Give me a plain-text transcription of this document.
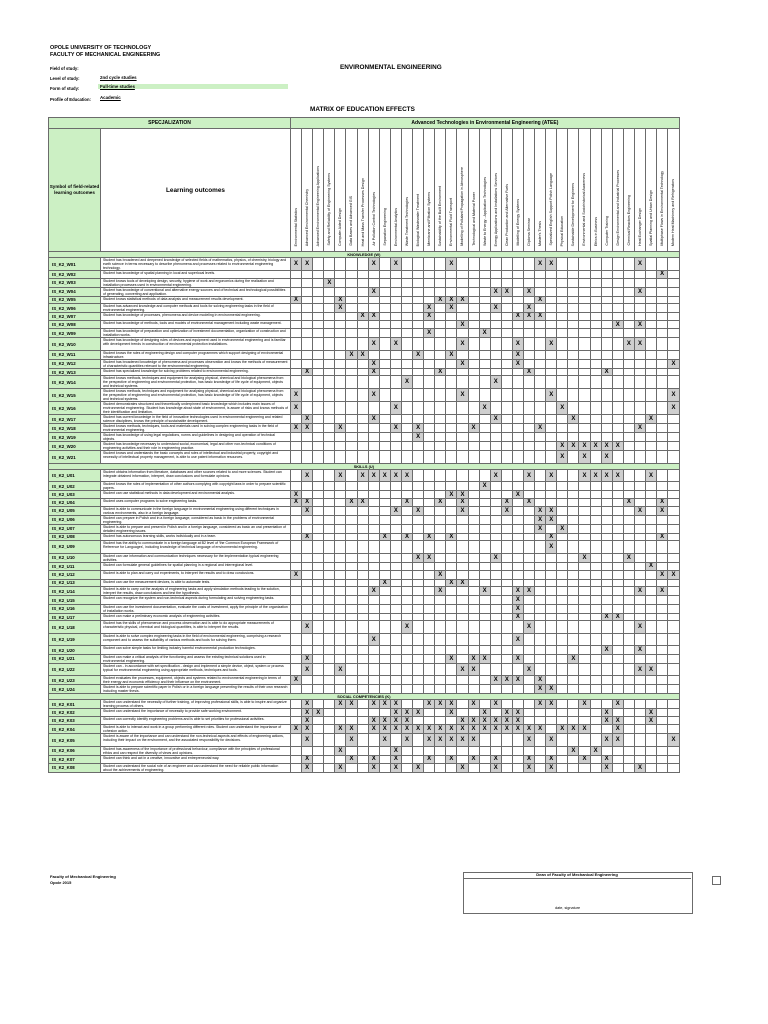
OPOLE UNIVERSITY OF TECHNOLOGY
FACULTY OF MECHANICAL ENGINEERING
Field of study:	ENVIRONMENTAL ENGINEERING
Level of study:	2nd cycle studies
Form of study:	Full-time studies
Profile of Education:	Academic
MATRIX OF EDUCATION EFFECTS
SPECJALIZATION		Advanced Technologies in Environmental Engineering (ATEE)																																		
Symbol of field-related learning outcomes	Learning outcomes	Environmental Statistics	Advanced Environmental Chemistry	Advanced Environmental Engineering Applications	Safety and Reliability of Engineering Systems	Computer Aided Design	Data Bases and Advanced GIS	Heat and Mass Transfer Processes Design	Air Pollution Control Technologies	Separation Engineering	Environmental Analytics	Waste Treatment Technologies	Biological Wastewater Treatment	Membrane and Filtration Systems	Sustainability of the Built Environment	Environmental Fluid Transport	Modelling of Pollutant Propagation in Atmosphere	Technological and Material Power	Waste to Energy - Application Technologies	Energy Applications and Installations Services	Clean Production and Alternative Fuels	Modelling of Energy Systems	Diploma Seminar	Master's Thesis	Specialized English Support Polish Language	Physical Education	Sustainable Development for Engineers	Environmental and Sociohistorical Awareness	Ethics in Business	Computer Training	Design Environmental and Industrial Processes	Chemical Reactors Engineering	Heat Exchanger Design	Spatial Planning and Urban Design	Multiphase Flows in Environmental Technology	Modern Heat Machinery and Refrigerators
KNOWLEDGE (W)																																				
IS_K2_W01	Student has broadened and deepened knowledge of selected fields of mathematics, physics, of chemistry, biology and earth science in terms necessary to describe phenomena and processes related to environmental engineering technology.	X	X						X		X					X								X	X								X			
IS_K2_W02	Student has knowledge of spatial planning in local and superlocal levels.																																		X	
IS_K2_W03	Student knows tools of developing design, security, hygiene of work and ergonomics during the realization and installation processes used in environmental engineering.				X																															
IS_K2_W04	Student has knowledge of conventional and alternative energy sources and of technical and technological possibilities of generating, converting and application.								X											X	X		X										X			
IS_K2_W05	Student knows statistical methods of data analysis and measurement results development.	X				X									X	X	X							X												
IS_K2_W06	Student has advanced knowledge and computer methods and tools for solving engineering tasks in the field of environmental engineering.					X								X		X				X			X													
IS_K2_W07	Student has knowledge of processes, phenomena and device modeling in environmental engineering.							X	X					X								X	X	X												
IS_K2_W08	Student has knowledge of methods, tools and models of environmental management including waste management.																X														X		X			
IS_K2_W09	Student has knowledge of preparation and optimization of investment documentation, organization of construction and installation works.													X					X																	
IS_K2_W10	Student has knowledge of designing rules of devices and equipment used in environmental engineering and is familiar with development trends in construction of environmental protection installations.								X		X						X					X			X							X	X			
IS_K2_W11	Student knows the rules of engineering design and computer programmes which support designing of environmental infrastructure.						X	X					X			X						X														
IS_K2_W12	Student has broadened knowledge of phenomena and processes observation and knows the methods of measurement of characteristic quantities relevant to the environmental engineering.								X								X					X														X
IS_K2_W13	Student has specialized knowledge for solving problems related to environmental engineering.		X						X						X								X							X						
IS_K2_W14	Student knows methods, techniques and equipment for analysing physical, chemical and biological phenomena from the perspective of engineering and environmental protection, has basic knowledge of life cycle of equipment, objects and technical systems.											X								X																
IS_K2_W15	Student knows methods, techniques and equipment for analysing physical, chemical and biological phenomena from the perspective of engineering and environmental protection, has basic knowledge of life cycle of equipment, objects and technical systems.	X							X								X								X											X
IS_K2_W16	Student demonstrates structured and theoretically underpinned basic knowledge which includes main issues of environmental engineering. Student has knowledge about state of environment, is aware of risks and knows methods of their identification and limitation.	X									X								X							X										X
IS_K2_W17	Student has current knowledge in the field of innovative technologies used in environmental engineering and related science disciplines, knows the principle of sustainable development.		X						X											X							X							X		
IS_K2_W18	Student knows methods, techniques, tools and materials used in solving complex engineering tasks in the field of environmental engineering.	X	X			X					X		X					X						X									X			
IS_K2_W19	Student has knowledge of using legal regulations, norms and guidelines in designing and operation of technical objects.												X																							
IS_K2_W20	Student has knowledge necessary to understand social, economical, legal and other non-technical conditions of engineering activities and their role in engineering practice.																									X	X	X	X	X	X					
IS_K2_W21	Student knows and understands the basic concepts and rules of intellectual and industrial property, copyright and necessity of intellectual property management, is able to use patent information resources.																									X		X		X						
SKILLS (U)																																				
IS_K2_U01	Student obtains information from literature, databases and other sources related to and more sciences. Student can integrate obtained information, interpret, draw conclusions and formulate opinions.		X			X		X	X	X	X	X								X			X		X			X	X	X	X			X		
IS_K2_U02	Student knows the rules of implementation of other authors complying with copyright laws in order to prepare scientific papers.																		X																	
IS_K2_U03	Student can use statistical methods in data development and environmental analysis.	X														X	X					X														
IS_K2_U04	Student uses computer programs to solve engineering tasks.	X	X				X	X				X			X		X				X		X									X			X	
IS_K2_U05	Student is able to communicate in the foreign language in environmental engineering using different techniques in various environments, also in a foreign language.		X								X		X				X				X			X	X								X		X	
IS_K2_U06	Student can prepare in Polish and in a foreign language, considered as basic in the problems of environmental engineering.																							X	X											
IS_K2_U07	Student is able to prepare and present in Polish and in a foreign language, considered as basic an oral presentation of detailed engineering issues.																							X		X										
IS_K2_U08	Student has autonomous learning skills, works individually and in a team.		X							X		X		X		X									X										X	
IS_K2_U09	Student has the ability to communicate in a foreign language at B2 level of 'the Common European Framework of Reference for Languages', including knowledge of technical language of environmental engineering.																								X											
IS_K2_U10	Student can use information and communication techniques necessary for the implementation typical engineering activities.												X	X						X								X				X				
IS_K2_U11	Student can formulate general guidelines for spatial planning in a regional and interregional level.																																	X		
IS_K2_U12	Student is able to plan and carry out experiments, to interpret the results and to draw conclusions.	X													X																				X	X
IS_K2_U13	Student can use the measurement devices, is able to automate tests.									X						X	X																			
IS_K2_U14	Student is able to carry out the analysis of engineering tasks and apply simulation methods leading to the solution, interpret the results, draw conclusions and test the hypothesis.								X						X				X			X	X										X		X	
IS_K2_U15	Student can recognize the system and non-technical aspects during formulating and solving engineering tasks.																					X														
IS_K2_U16	Student can use the investment documentation, evaluate the costs of investment, apply the principle of the organization of installation works.																					X														
IS_K2_U17	Student can make a preliminary economic analysis of engineering activities.																					X								X	X					
IS_K2_U18	Student has the skills of phenomenon and process observation and is able to do appropriate measurements of characteristic physical, chemical and biological quantities, is able to interpret the results.		X									X											X										X			
IS_K2_U19	Student is able to solve complex engineering tasks in the field of environmental engineering, comprising a research component and to assess the suitability of various methods and tools for solving them.								X													X														
IS_K2_U20	Student can solve simple tasks for limiting industry harmful environmental production technologies.																													X			X			
IS_K2_U21	Student can make a critical analysis of the functioning and assess the existing technical solutions used in environmental engineering.		X													X		X	X			X					X									
IS_K2_U22	Student can - in accordance with set specification - design and implement a simple device, object, system or process typical for environmental engineering using appropriate methods, techniques and tools.		X			X											X	X					X										X	X		
IS_K2_U23	Student evaluates the processes, equipment, objects and systems related to environmental engineering in terms of their energy and economic efficiency and their influence on the environment.	X																		X	X	X		X												
IS_K2_U24	Student is able to prepare scientific paper in Polish or in a foreign language presenting the results of their own research including master thesis.																							X	X											
SOCIAL COMPETENCIES (K)																																				
IS_K2_K01	Student can understand the necessity of further training, of improving professional skills, is able to inspire and organize learning process of others.		X			X	X		X	X	X			X	X	X		X		X				X	X			X			X					
IS_K2_K02	Student can understand the importance of necessity to provide safe working environment.		X	X							X	X	X			X			X		X	X								X				X		
IS_K2_K03	Student can correctly identify engineering problems and is able to set priorities for professional activities.		X						X	X	X	X					X	X	X	X	X	X								X	X			X		
IS_K2_K04	Student is able to interact and work in a group performing different roles. Student can understand the importance of cohesion action.	X	X			X	X		X	X	X	X	X	X	X	X	X	X	X	X	X	X	X	X		X	X	X			X					
IS_K2_K05	Student is aware of the importance and can understand the non-technical aspects and effects of engineering actions, including their impact on the environment, and the associated responsibility for decisions.		X				X			X		X		X	X	X	X	X					X		X					X	X					X
IS_K2_K06	Student has awareness of the importance of professional behaviour, compliance with the principles of professional ethics and can respect the diversity of views and opinions.					X					X																X		X							
IS_K2_K07	Student can think and act in a creative, innovative and entrepreneurial way.		X				X		X		X			X		X		X		X			X		X			X		X						
IS_K2_K08	Student can understand the social role of an engineer and can understand the need for reliable public information about the achievements of engineering.		X			X			X		X		X				X			X			X		X					X			X			
Faculty of Mechanical Engineering
Opole 2015
Dean of Faculty of Mechanical Engineering
date, signature
